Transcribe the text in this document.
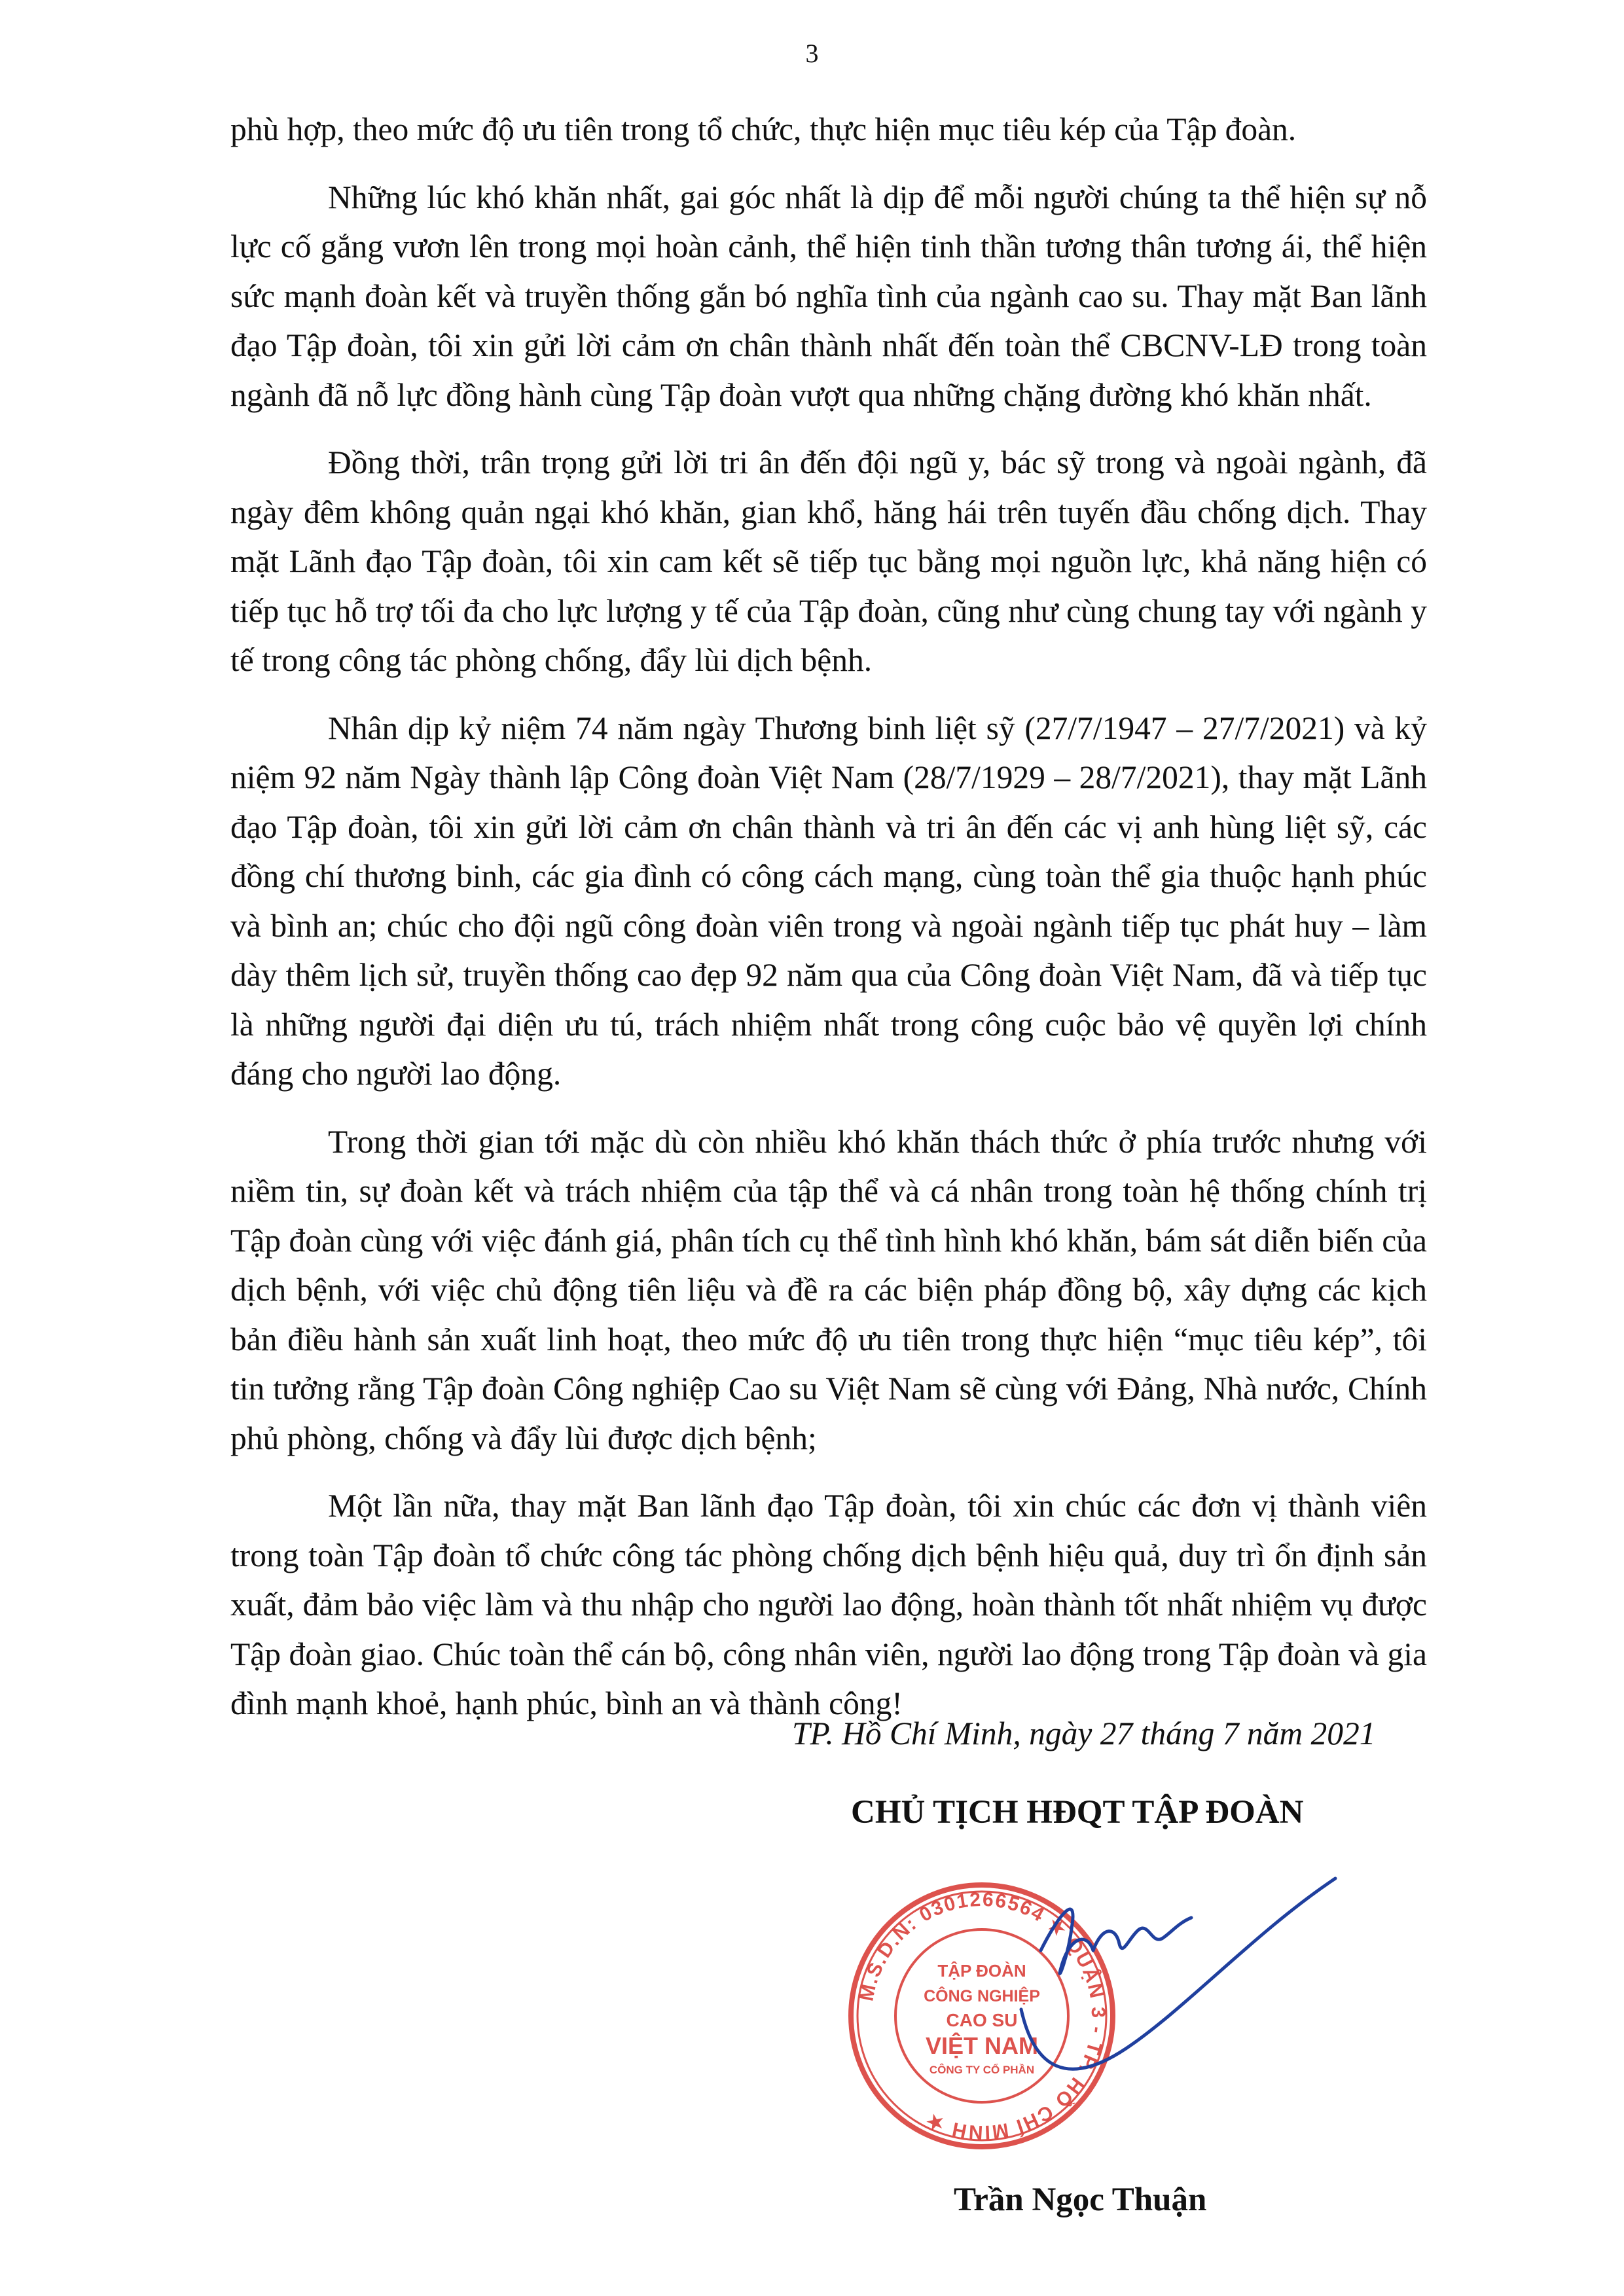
3

phù hợp, theo mức độ ưu tiên trong tổ chức, thực hiện mục tiêu kép của Tập đoàn.

Những lúc khó khăn nhất, gai góc nhất là dịp để mỗi người chúng ta thể hiện sự nỗ lực cố gắng vươn lên trong mọi hoàn cảnh, thể hiện tinh thần tương thân tương ái, thể hiện sức mạnh đoàn kết và truyền thống gắn bó nghĩa tình của ngành cao su. Thay mặt Ban lãnh đạo Tập đoàn, tôi xin gửi lời cảm ơn chân thành nhất đến toàn thể CBCNV-LĐ trong toàn ngành đã nỗ lực đồng hành cùng Tập đoàn vượt qua những chặng đường khó khăn nhất.

Đồng thời, trân trọng gửi lời tri ân đến đội ngũ y, bác sỹ trong và ngoài ngành, đã ngày đêm không quản ngại khó khăn, gian khổ, hăng hái trên tuyến đầu chống dịch. Thay mặt Lãnh đạo Tập đoàn, tôi xin cam kết sẽ tiếp tục bằng mọi nguồn lực, khả năng hiện có tiếp tục hỗ trợ tối đa cho lực lượng y tế của Tập đoàn, cũng như cùng chung tay với ngành y tế trong công tác phòng chống, đẩy lùi dịch bệnh.

Nhân dịp kỷ niệm 74 năm ngày Thương binh liệt sỹ (27/7/1947 – 27/7/2021) và kỷ niệm 92 năm Ngày thành lập Công đoàn Việt Nam (28/7/1929 – 28/7/2021), thay mặt Lãnh đạo Tập đoàn, tôi xin gửi lời cảm ơn chân thành và tri ân đến các vị anh hùng liệt sỹ, các đồng chí thương binh, các gia đình có công cách mạng, cùng toàn thể gia thuộc hạnh phúc và bình an; chúc cho đội ngũ công đoàn viên trong và ngoài ngành tiếp tục phát huy – làm dày thêm lịch sử, truyền thống cao đẹp 92 năm qua của Công đoàn Việt Nam, đã và tiếp tục là những người đại diện ưu tú, trách nhiệm nhất trong công cuộc bảo vệ quyền lợi chính đáng cho người lao động.

Trong thời gian tới mặc dù còn nhiều khó khăn thách thức ở phía trước nhưng với niềm tin, sự đoàn kết và trách nhiệm của tập thể và cá nhân trong toàn hệ thống chính trị Tập đoàn cùng với việc đánh giá, phân tích cụ thể tình hình khó khăn, bám sát diễn biến của dịch bệnh, với việc chủ động tiên liệu và đề ra các biện pháp đồng bộ, xây dựng các kịch bản điều hành sản xuất linh hoạt, theo mức độ ưu tiên trong thực hiện “mục tiêu kép”, tôi tin tưởng rằng Tập đoàn Công nghiệp Cao su Việt Nam sẽ cùng với Đảng, Nhà nước, Chính phủ phòng, chống và đẩy lùi được dịch bệnh;

Một lần nữa, thay mặt Ban lãnh đạo Tập đoàn, tôi xin chúc các đơn vị thành viên trong toàn Tập đoàn tổ chức công tác phòng chống dịch bệnh hiệu quả, duy trì ổn định sản xuất, đảm bảo việc làm và thu nhập cho người lao động, hoàn thành tốt nhất nhiệm vụ được Tập đoàn giao. Chúc toàn thể cán bộ, công nhân viên, người lao động trong Tập đoàn và gia đình mạnh khoẻ, hạnh phúc, bình an và thành công!

TP. Hồ Chí Minh, ngày 27 tháng 7 năm 2021
CHỦ TỊCH HĐQT TẬP ĐOÀN
M.S.D.N: 0301266564 ★ QUẬN 3 - TP. HỒ CHÍ MINH ★
TẬP ĐOÀN
CÔNG NGHIỆP
CAO SU
VIỆT NAM
CÔNG TY CỔ PHẦN
Trần Ngọc Thuận
